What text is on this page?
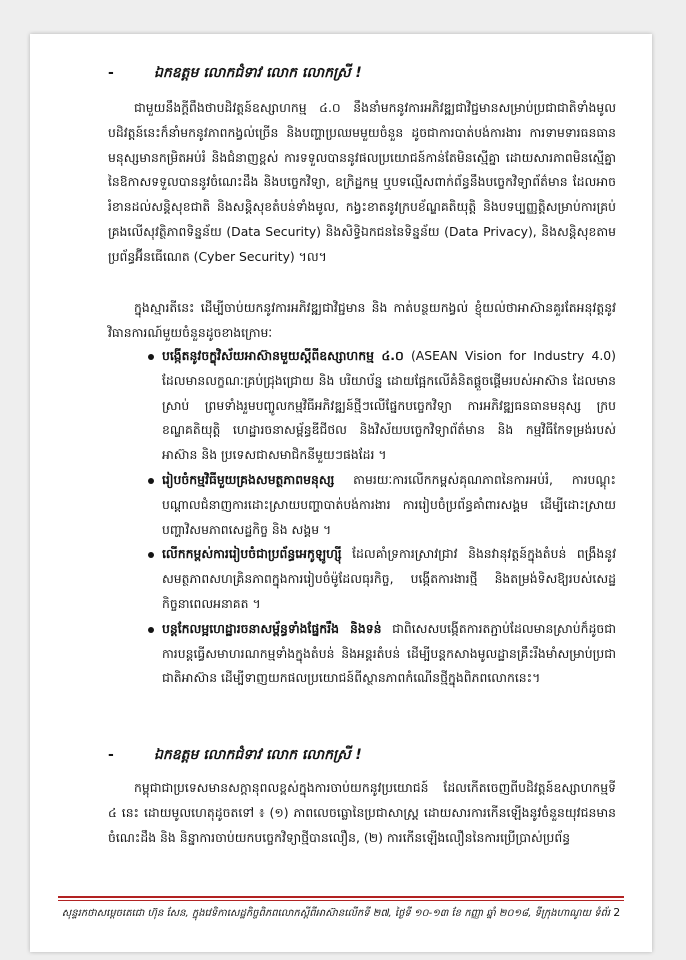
-	ឯកឧត្តម លោកជំទាវ លោក លោកស្រី !

ជាមួយនឹងក្តីពឹងថាបដិវត្តន៍ឧស្សាហកម្ម ៤.០ នឹងនាំមកនូវការអភិវឌ្ឍជាវិជ្ជមានសម្រាប់ប្រជាជាតិទាំងមូល បដិវត្តន៍នេះក៏នាំមកនូវភាពកង្វល់ច្រើន និងបញ្ហាប្រឈមមួយចំនួន ដូចជាការបាត់បង់ការងារ ការទាមទារធនធានមនុស្សមានកម្រិតអប់រំ និងជំនាញខ្ពស់ ការទទួលបាននូវផលប្រយោជន៍កាន់តែមិនស្មើគ្នា ដោយសារភាពមិនស្មើគ្នានៃឱកាសទទួលបាននូវចំណេះដឹង និងបច្ចេកវិទ្យា, ឧក្រិដ្ឋកម្ម ឬបទល្មើសពាក់ព័ន្ធនឹងបច្ចេកវិទ្យាព័ត៌មាន ដែលអាចរំខានដល់សន្តិសុខជាតិ និងសន្តិសុខតំបន់ទាំងមូល, កង្វះខាតនូវក្របខ័ណ្ឌគតិយុត្តិ និងបទប្បញ្ញត្តិសម្រាប់ការគ្រប់គ្រងលើសុវត្ថិភាពទិន្នន័យ (Data Security) និងសិទ្ធិឯកជននៃទិន្នន័យ (Data Privacy), និងសន្តិសុខតាមប្រព័ន្ធអ៊ីនធើណេត (Cyber Security) ។ល។

ក្នុងស្មារតីនេះ ដើម្បីចាប់យកនូវការអភិវឌ្ឍជាវិជ្ជមាន និង កាត់បន្ថយកង្វល់ ខ្ញុំយល់ថាអាស៊ានគួរតែអនុវត្តនូវវិធានការណ៍មួយចំនួនដូចខាងក្រោមៈ

បង្កើតនូវចក្ខុវិស័យអាស៊ានមួយស្តីពីឧស្សាហកម្ម ៤.០ (ASEAN Vision for Industry 4.0) ដែលមានលក្ខណៈគ្រប់ជ្រុងជ្រោយ និង បរិយាប័ន្ន ដោយផ្អែកលើគំនិតផ្តួចផ្តើមរបស់អាស៊ាន ដែលមានស្រាប់ ព្រមទាំងរួមបញ្ចូលកម្មវិធីអភិវឌ្ឍន៍ថ្មីៗលើផ្នែកបច្ចេកវិទ្យា ការអភិវឌ្ឍធនធានមនុស្ស ក្របខណ្ឌគតិយុត្តិ ហេដ្ឋារចនាសម្ព័ន្ធឌីជីថល និងវិស័យបច្ចេកវិទ្យាព័ត៌មាន និង កម្មវិធីកែទម្រង់របស់អាស៊ាន និង ប្រទេសជាសមាជិកនីមួយៗផងដែរ ។
រៀបចំកម្មវិធីមួយគ្រងសមត្ថភាពមនុស្ស តាមរយៈការលើកកម្ពស់គុណភាពនៃការអប់រំ, ការបណ្តុះបណ្តាលជំនាញការដោះស្រាយបញ្ហាបាត់បង់ការងារ ការរៀបចំប្រព័ន្ធគាំពារសង្គម ដើម្បីដោះស្រាយបញ្ហាវិសមភាពសេដ្ឋកិច្ច និង សង្គម ។
លើកកម្ពស់ការរៀបចំជាប្រព័ន្ធអេកូឡូហ្ស៊ី ដែលគាំទ្រការស្រាវជ្រាវ និងនវានុវត្តន៍ក្នុងតំបន់ ពង្រឹងនូវសមត្ថភាពសហគ្រិនភាពក្នុងការរៀបចំម៉ូដែលធុរកិច្ច, បង្កើតការងារថ្មី និងតម្រង់ទិសឱ្យរបស់សេដ្ឋកិច្ចនាពេលអនាគត ។
បន្តកែលម្អហេដ្ឋារចនាសម្ព័ន្ធទាំងផ្នែករឹង និងទន់ ជាពិសេសបង្កើតការតភ្ជាប់ដែលមានស្រាប់ក៏ដូចជាការបន្តធ្វើសមាហរណកម្មទាំងក្នុងតំបន់ និងអន្តរតំបន់ ដើម្បីបន្តកសាងមូលដ្ឋានគ្រឹះរឹងមាំសម្រាប់ប្រជាជាតិអាស៊ាន ដើម្បីទាញយកផលប្រយោជន៍ពីស្ថានភាពកំណើនថ្មីក្នុងពិភពលោកនេះ។
-	ឯកឧត្តម លោកជំទាវ លោក លោកស្រី !

កម្ពុជាជាប្រទេសមានសក្តានុពលខ្ពស់ក្នុងការចាប់យកនូវប្រយោជន៍ ដែលកើតចេញពីបដិវត្តន៍ឧស្សាហកម្មទី ៤ នេះ ដោយមូលហេតុដូចតទៅ ៖ (១) ភាពលេចធ្លោនៃប្រជាសាស្ត្រ ដោយសារការកើនឡើងនូវចំនួនយុវជនមានចំណេះដឹង និង និន្នាការចាប់យកបច្ចេកវិទ្យាថ្មីបានលឿន, (២) ការកើនឡើងលឿននៃការប្រើប្រាស់ប្រព័ន្ធ

សុន្ទរកថាសម្តេចតេជោ ហ៊ុន សែន, ក្នុងវេទិកាសេដ្ឋកិច្ចពិភពលោកស្តីពីអាស៊ានលើកទី ២៧, ថ្ងៃទី ១០-១៣ ខែ កញ្ញា ឆ្នាំ ២០១៨, ទីក្រុងហាណូយ ទំព័រ 2
